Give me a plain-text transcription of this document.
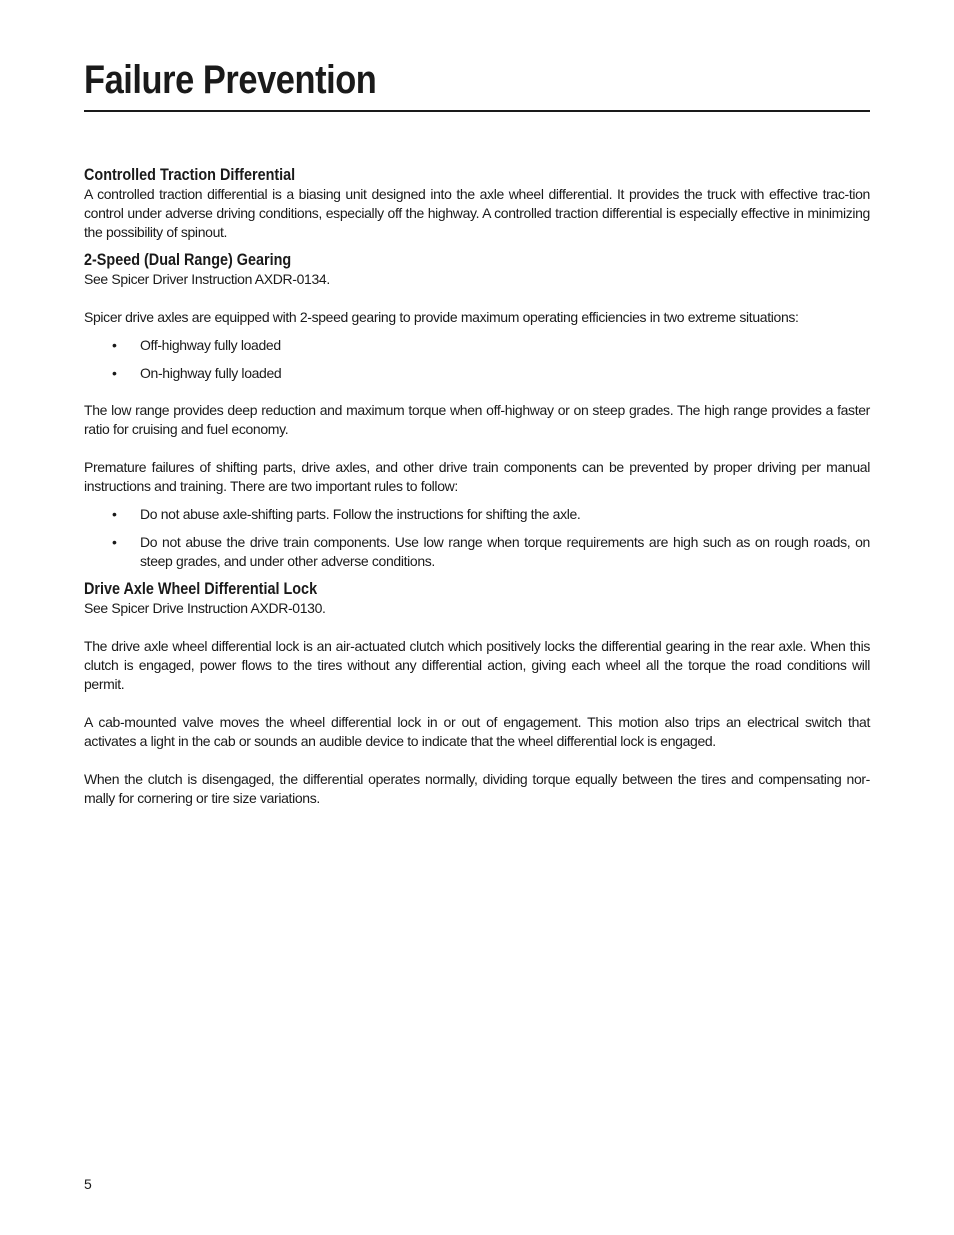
Failure Prevention
Controlled Traction Differential

A controlled traction differential is a biasing unit designed into the axle wheel differential. It provides the truck with effective trac-tion control under adverse driving conditions, especially off the highway. A controlled traction differential is especially effective in minimizing the possibility of spinout.

2-Speed (Dual Range) Gearing

See Spicer Driver Instruction AXDR-0134.

Spicer drive axles are equipped with 2-speed gearing to provide maximum operating efficiencies in two extreme situations:

• Off-highway fully loaded
• On-highway fully loaded

The low range provides deep reduction and maximum torque when off-highway or on steep grades. The high range provides a faster ratio for cruising and fuel economy.

Premature failures of shifting parts, drive axles, and other drive train components can be prevented by proper driving per manual instructions and training. There are two important rules to follow:

• Do not abuse axle-shifting parts. Follow the instructions for shifting the axle.
• Do not abuse the drive train components. Use low range when torque requirements are high such as on rough roads, on steep grades, and under other adverse conditions.
Drive Axle Wheel Differential Lock

See Spicer Drive Instruction AXDR-0130.

The drive axle wheel differential lock is an air-actuated clutch which positively locks the differential gearing in the rear axle. When this clutch is engaged, power flows to the tires without any differential action, giving each wheel all the torque the road conditions will permit.

A cab-mounted valve moves the wheel differential lock in or out of engagement. This motion also trips an electrical switch that activates a light in the cab or sounds an audible device to indicate that the wheel differential lock is engaged.

When the clutch is disengaged, the differential operates normally, dividing torque equally between the tires and compensating nor-mally for cornering or tire size variations.

5
